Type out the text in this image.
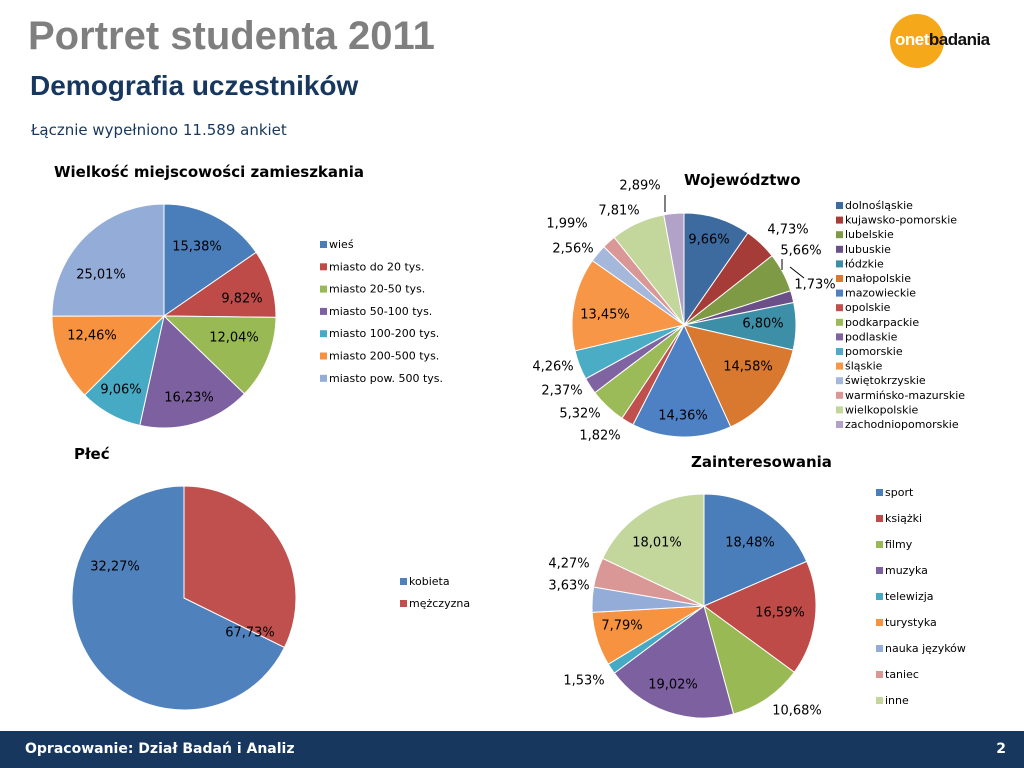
Portret studenta 2011
Demografia uczestników
Łącznie wypełniono 11.589 ankiet
onetbadania
Wielkość miejscowości zamieszkania
15,38%
9,82%
12,04%
16,23%
9,06%
12,46%
25,01%
wieś
miasto do 20 tys.
miasto 20-50 tys.
miasto 50-100 tys.
miasto 100-200 tys.
miasto 200-500 tys.
miasto pow. 500 tys.
Województwo
9,66%
4,73%
5,66%
1,73%
6,80%
14,58%
14,36%
1,82%
5,32%
2,37%
4,26%
13,45%
2,56%
1,99%
7,81%
2,89%
dolnośląskie
kujawsko-pomorskie
lubelskie
lubuskie
łódzkie
małopolskie
mazowieckie
opolskie
podkarpackie
podlaskie
pomorskie
śląskie
świętokrzyskie
warmińsko-mazurskie
wielkopolskie
zachodniopomorskie
Płeć
67,73%
32,27%
kobieta
mężczyzna
Zainteresowania
18,48%
16,59%
10,68%
19,02%
1,53%
7,79%
3,63%
4,27%
18,01%
sport
książki
filmy
muzyka
telewizja
turystyka
nauka języków
taniec
inne
Opracowanie: Dział Badań i Analiz	2
